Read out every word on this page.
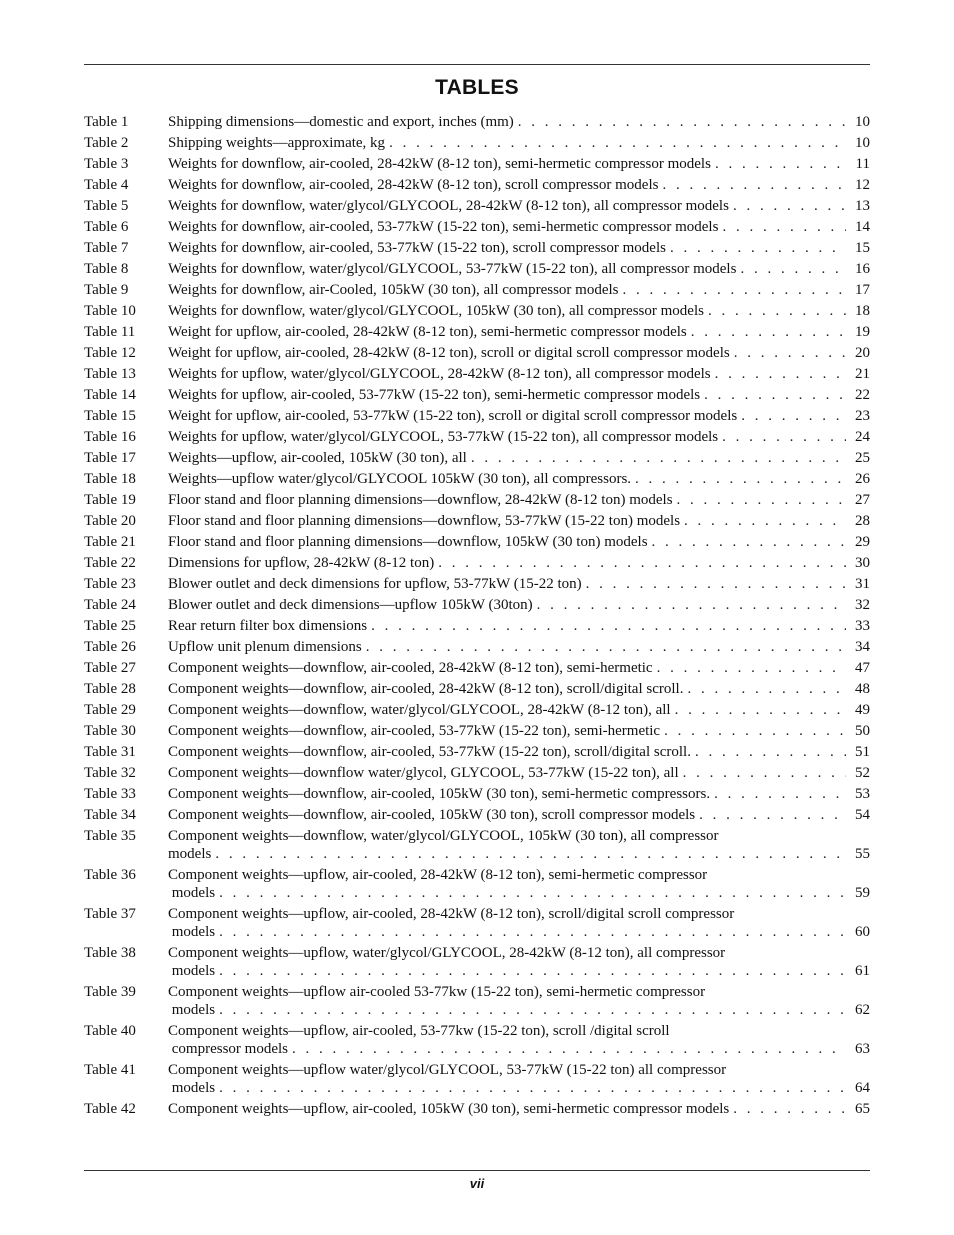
TABLES
Table 1	Shipping dimensions—domestic and export, inches (mm) . . .	10
Table 2	Shipping weights—approximate, kg . . .	10
Table 3	Weights for downflow, air-cooled, 28-42kW (8-12 ton), semi-hermetic compressor models . . .	11
Table 4	Weights for downflow, air-cooled, 28-42kW (8-12 ton), scroll compressor models . . .	12
Table 5	Weights for downflow, water/glycol/GLYCOOL, 28-42kW (8-12 ton), all compressor models . . .	13
Table 6	Weights for downflow, air-cooled, 53-77kW (15-22 ton), semi-hermetic compressor models . . .	14
Table 7	Weights for downflow, air-cooled, 53-77kW (15-22 ton), scroll compressor models . . .	15
Table 8	Weights for downflow, water/glycol/GLYCOOL, 53-77kW (15-22 ton), all compressor models . . .	16
Table 9	Weights for downflow, air-Cooled, 105kW (30 ton), all compressor models . . .	17
Table 10 Weights for downflow, water/glycol/GLYCOOL, 105kW (30 ton), all compressor models . . .	18
Table 11 Weight for upflow, air-cooled, 28-42kW (8-12 ton), semi-hermetic compressor models . . .	19
Table 12 Weight for upflow, air-cooled, 28-42kW (8-12 ton), scroll or digital scroll compressor models . . .	20
Table 13 Weights for upflow, water/glycol/GLYCOOL, 28-42kW (8-12 ton), all compressor models . . .	21
Table 14 Weights for upflow, air-cooled, 53-77kW (15-22 ton), semi-hermetic compressor models . . .	22
Table 15 Weight for upflow, air-cooled, 53-77kW (15-22 ton), scroll or digital scroll compressor models . . .	23
Table 16 Weights for upflow, water/glycol/GLYCOOL, 53-77kW (15-22 ton), all compressor models . . .	24
Table 17 Weights—upflow, air-cooled, 105kW (30 ton), all . . .	25
Table 18 Weights—upflow water/glycol/GLYCOOL 105kW (30 ton), all compressors. . . .	26
Table 19 Floor stand and floor planning dimensions—downflow, 28-42kW (8-12 ton) models . . .	27
Table 20 Floor stand and floor planning dimensions—downflow, 53-77kW (15-22 ton) models . . .	28
Table 21 Floor stand and floor planning dimensions—downflow, 105kW (30 ton) models . . .	29
Table 22 Dimensions for upflow, 28-42kW (8-12 ton) . . .	30
Table 23 Blower outlet and deck dimensions for upflow, 53-77kW (15-22 ton) . . .	31
Table 24 Blower outlet and deck dimensions—upflow 105kW (30ton) . . .	32
Table 25 Rear return filter box dimensions . . .	33
Table 26 Upflow unit plenum dimensions . . .	34
Table 27 Component weights—downflow, air-cooled, 28-42kW (8-12 ton), semi-hermetic . . .	47
Table 28 Component weights—downflow, air-cooled, 28-42kW (8-12 ton), scroll/digital scroll. . . .	48
Table 29 Component weights—downflow, water/glycol/GLYCOOL, 28-42kW (8-12 ton), all . . .	49
Table 30 Component weights—downflow, air-cooled, 53-77kW (15-22 ton), semi-hermetic . . .	50
Table 31 Component weights—downflow, air-cooled, 53-77kW (15-22 ton), scroll/digital scroll. . . .	51
Table 32 Component weights—downflow water/glycol, GLYCOOL, 53-77kW (15-22 ton), all . . .	52
Table 33 Component weights—downflow, air-cooled, 105kW (30 ton), semi-hermetic compressors. . . .	53
Table 34 Component weights—downflow, air-cooled, 105kW (30 ton), scroll compressor models . . .	54
Table 35 Component weights—downflow, water/glycol/GLYCOOL, 105kW (30 ton), all compressor
models . . .	55
Table 36 Component weights—upflow, air-cooled, 28-42kW (8-12 ton), semi-hermetic compressor
models . . .	59
Table 37 Component weights—upflow, air-cooled, 28-42kW (8-12 ton), scroll/digital scroll compressor
models . . .	60
Table 38 Component weights—upflow, water/glycol/GLYCOOL, 28-42kW (8-12 ton), all compressor
models . . .	61
Table 39 Component weights—upflow air-cooled 53-77kw (15-22 ton), semi-hermetic compressor
models . . .	62
Table 40 Component weights—upflow, air-cooled, 53-77kw (15-22 ton), scroll /digital scroll
compressor models . . .	63
Table 41 Component weights—upflow water/glycol/GLYCOOL, 53-77kW (15-22 ton) all compressor
models . . .	64
Table 42 Component weights—upflow, air-cooled, 105kW (30 ton), semi-hermetic compressor models . . .	65
vii
